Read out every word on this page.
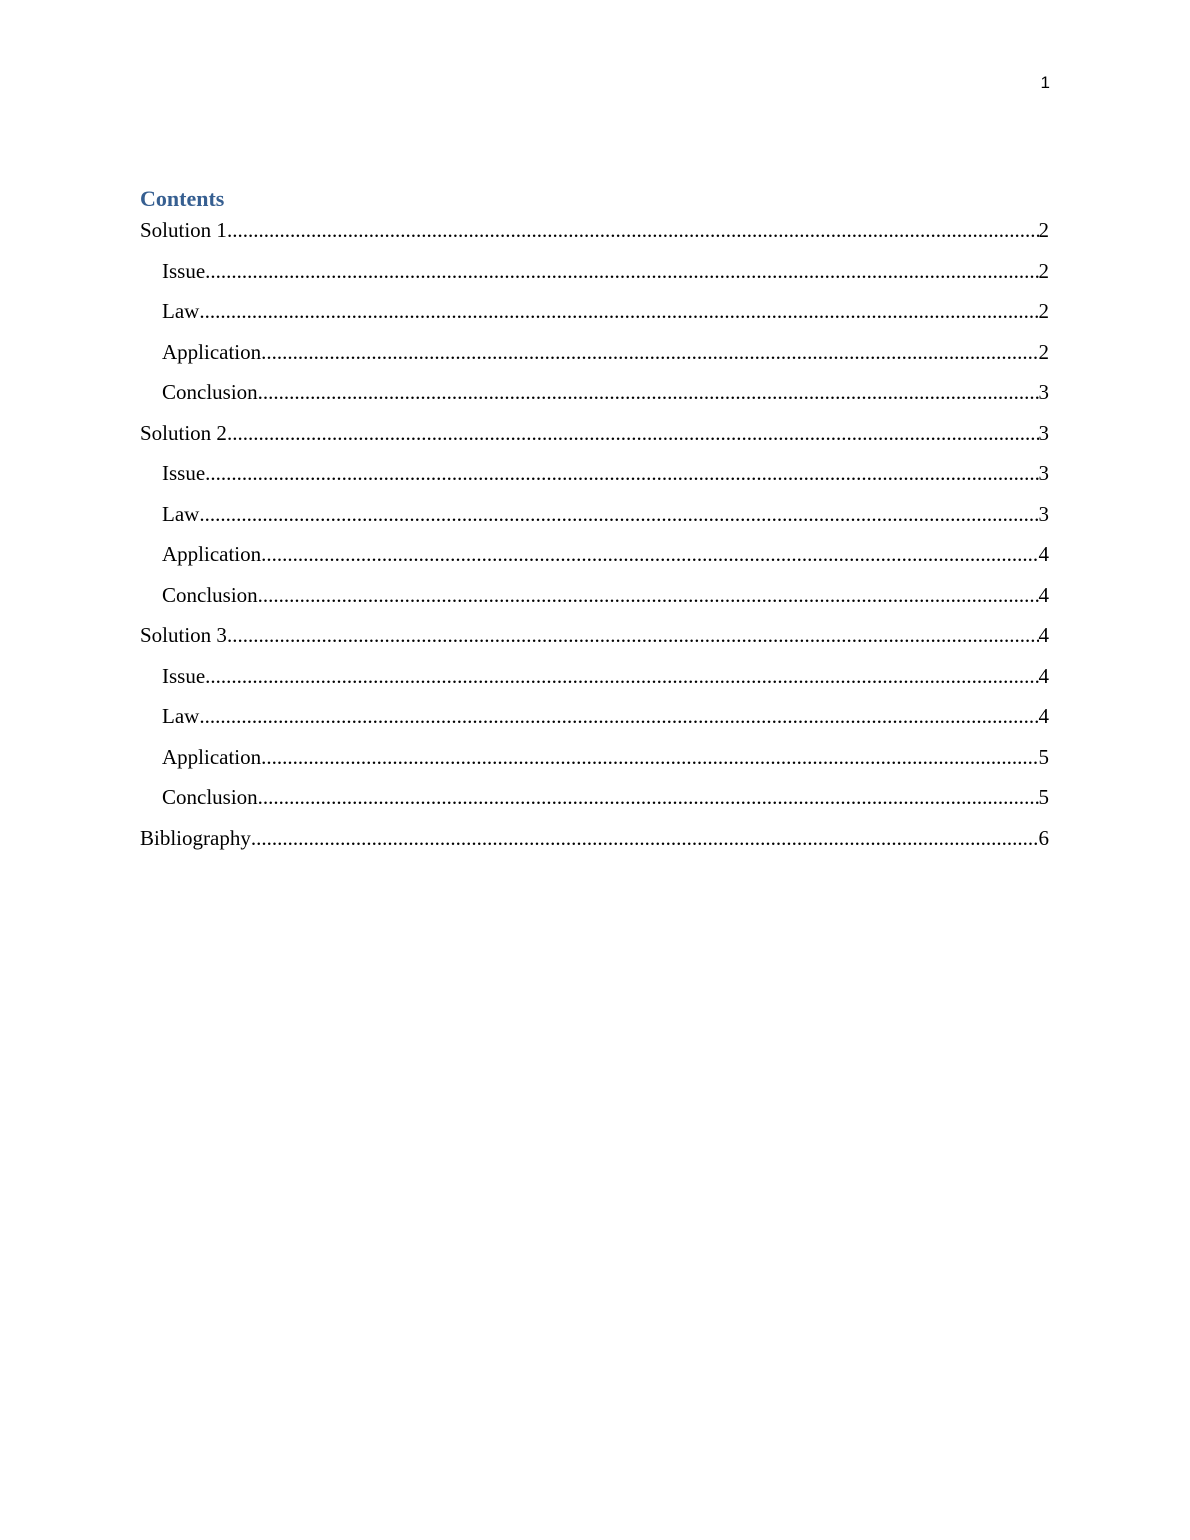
1
Contents
Solution 1 .....	2
Issue .....	2
Law .....	2
Application .....	2
Conclusion .....	3
Solution 2 .....	3
Issue .....	3
Law .....	3
Application .....	4
Conclusion .....	4
Solution 3 .....	4
Issue .....	4
Law .....	4
Application .....	5
Conclusion .....	5
Bibliography .....	6
